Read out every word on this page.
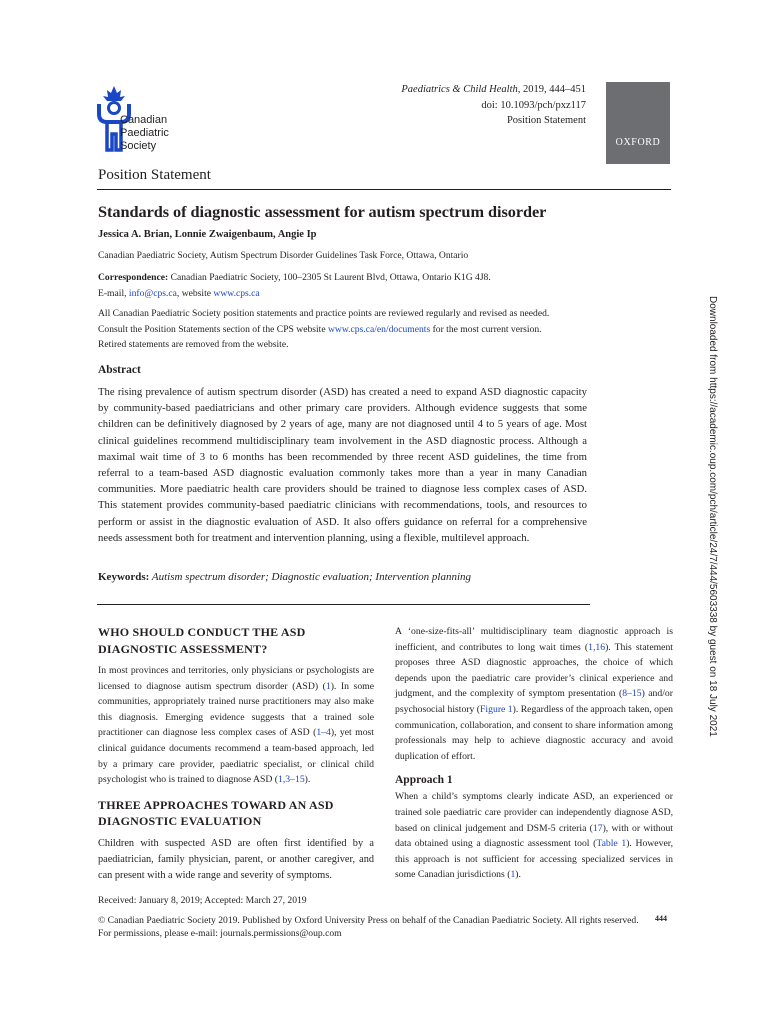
Canadian
Paediatric
Society
Paediatrics & Child Health, 2019, 444–451
doi: 10.1093/pch/pxz117
Position Statement
OXFORD
Position Statement
Standards of diagnostic assessment for autism spectrum disorder
Jessica A. Brian, Lonnie Zwaigenbaum, Angie Ip
Canadian Paediatric Society, Autism Spectrum Disorder Guidelines Task Force, Ottawa, Ontario
Correspondence: Canadian Paediatric Society, 100–2305 St Laurent Blvd, Ottawa, Ontario K1G 4J8.
E-mail, info@cps.ca, website www.cps.ca
All Canadian Paediatric Society position statements and practice points are reviewed regularly and revised as needed.
Consult the Position Statements section of the CPS website www.cps.ca/en/documents for the most current version.
Retired statements are removed from the website.
Abstract
The rising prevalence of autism spectrum disorder (ASD) has created a need to expand ASD diagnostic capacity by community-based paediatricians and other primary care providers. Although evidence suggests that some children can be definitively diagnosed by 2 years of age, many are not diagnosed until 4 to 5 years of age. Most clinical guidelines recommend multidisciplinary team involvement in the ASD diagnostic process. Although a maximal wait time of 3 to 6 months has been recommended by three recent ASD guidelines, the time from referral to a team-based ASD diagnostic evaluation commonly takes more than a year in many Canadian communities. More paediatric health care providers should be trained to diagnose less complex cases of ASD. This statement provides community-based paediatric clinicians with recommendations, tools, and resources to perform or assist in the diagnostic evaluation of ASD. It also offers guidance on referral for a comprehensive needs assessment both for treatment and intervention planning, using a flexible, multilevel approach.
Keywords: Autism spectrum disorder; Diagnostic evaluation; Intervention planning
WHO SHOULD CONDUCT THE ASD DIAGNOSTIC ASSESSMENT?

In most provinces and territories, only physicians or psychologists are licensed to diagnose autism spectrum disorder (ASD) (1). In some communities, appropriately trained nurse practitioners may also make this diagnosis. Emerging evidence suggests that a trained sole practitioner can diagnose less complex cases of ASD (1–4), yet most clinical guidance documents recommend a team-based approach, led by a primary care provider, paediatric specialist, or clinical child psychologist who is trained to diagnose ASD (1,3–15).

THREE APPROACHES TOWARD AN ASD DIAGNOSTIC EVALUATION

Children with suspected ASD are often first identified by a paediatrician, family physician, parent, or another caregiver, and can present with a wide range and severity of symptoms.

A ‘one-size-fits-all’ multidisciplinary team diagnostic approach is inefficient, and contributes to long wait times (1,16). This statement proposes three ASD diagnostic approaches, the choice of which depends upon the paediatric care provider’s clinical experience and judgment, and the complexity of symptom presentation (8–15) and/or psychosocial history (Figure 1). Regardless of the approach taken, open communication, collaboration, and consent to share information among professionals may help to achieve diagnostic accuracy and avoid duplication of effort.

Approach 1

When a child’s symptoms clearly indicate ASD, an experienced or trained sole paediatric care provider can independently diagnose ASD, based on clinical judgement and DSM-5 criteria (17), with or without data obtained using a diagnostic assessment tool (Table 1). However, this approach is not sufficient for accessing specialized services in some Canadian jurisdictions (1).

Received: January 8, 2019; Accepted: March 27, 2019
© Canadian Paediatric Society 2019. Published by Oxford University Press on behalf of the Canadian Paediatric Society. All rights reserved.
For permissions, please e-mail: journals.permissions@oup.com
444
Downloaded from https://academic.oup.com/pch/article/24/7/444/5603338 by guest on 18 July 2021
